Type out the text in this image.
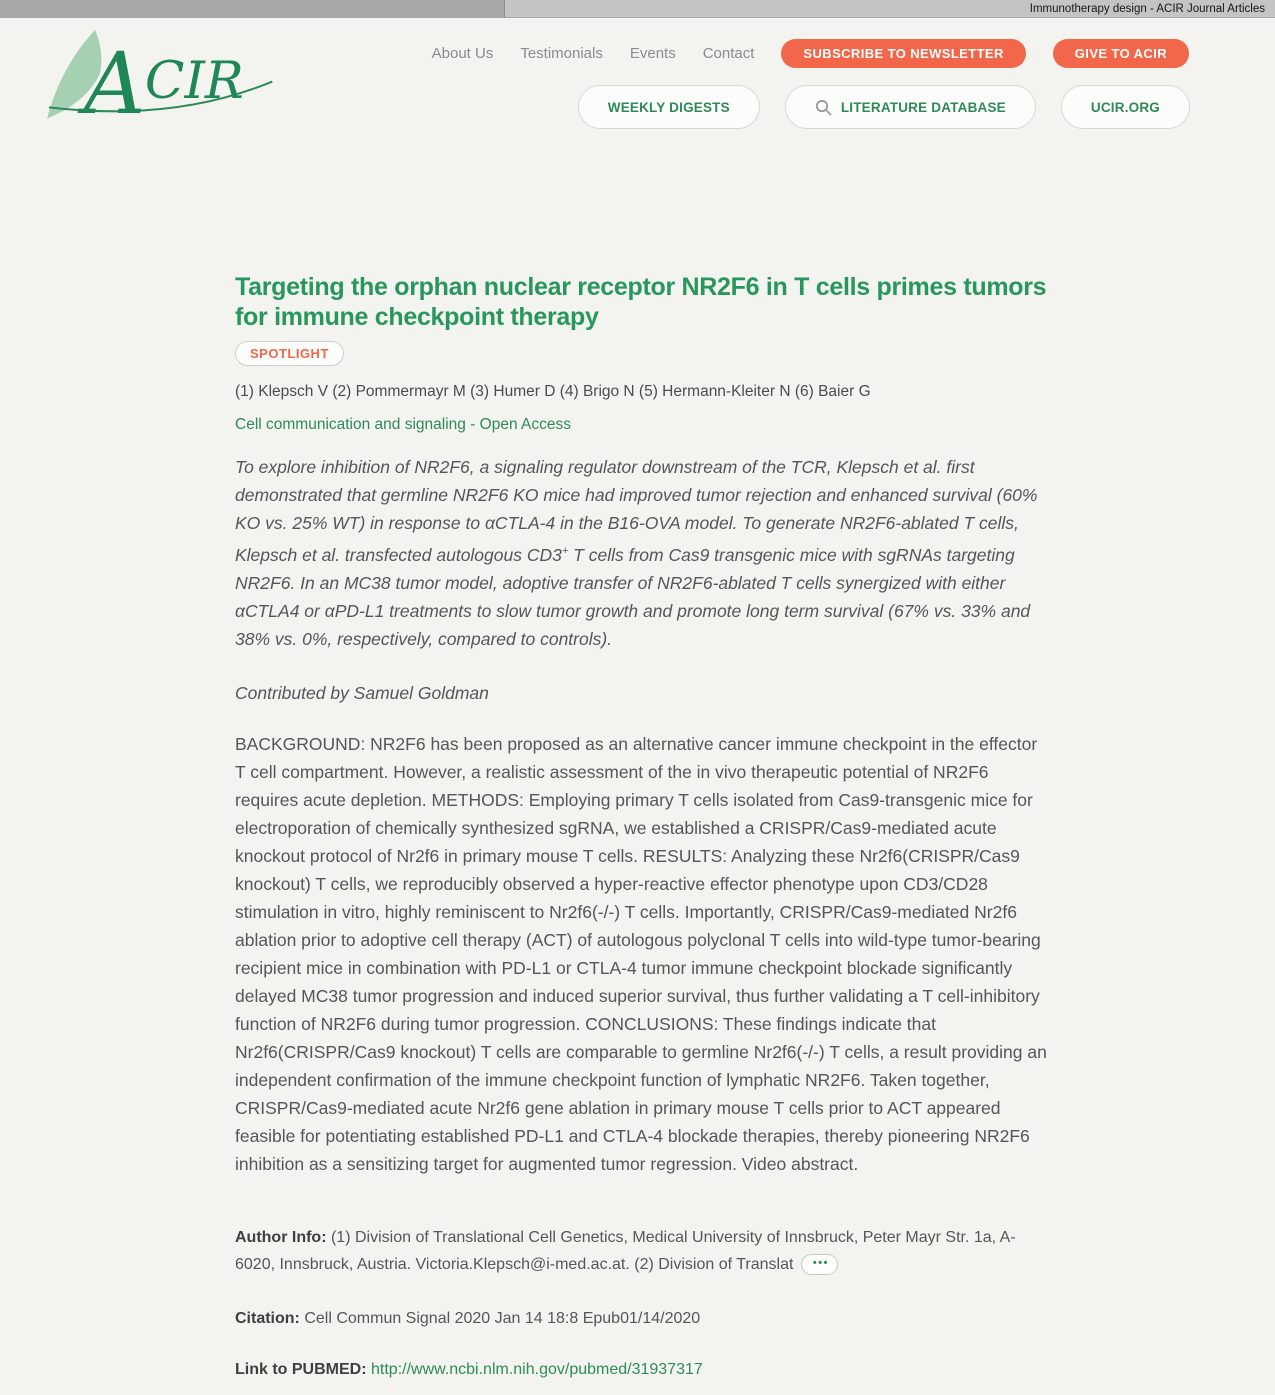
Immunotherapy design - ACIR Journal Articles
A CIR	About Us Testimonials Events Contact	SUBSCRIBE TO NEWSLETTER	GIVE TO ACIR
WEEKLY DIGESTS	LITERATURE DATABASE	UCIR.ORG
Targeting the orphan nuclear receptor NR2F6 in T cells primes tumors for immune checkpoint therapy
SPOTLIGHT
(1) Klepsch V (2) Pommermayr M (3) Humer D (4) Brigo N (5) Hermann-Kleiter N (6) Baier G
Cell communication and signaling - Open Access

To explore inhibition of NR2F6, a signaling regulator downstream of the TCR, Klepsch et al. first demonstrated that germline NR2F6 KO mice had improved tumor rejection and enhanced survival (60% KO vs. 25% WT) in response to αCTLA-4 in the B16-OVA model. To generate NR2F6-ablated T cells, Klepsch et al. transfected autologous CD3+ T cells from Cas9 transgenic mice with sgRNAs targeting NR2F6. In an MC38 tumor model, adoptive transfer of NR2F6-ablated T cells synergized with either αCTLA4 or αPD-L1 treatments to slow tumor growth and promote long term survival (67% vs. 33% and 38% vs. 0%, respectively, compared to controls).

Contributed by Samuel Goldman

BACKGROUND: NR2F6 has been proposed as an alternative cancer immune checkpoint in the effector T cell compartment. However, a realistic assessment of the in vivo therapeutic potential of NR2F6 requires acute depletion. METHODS: Employing primary T cells isolated from Cas9-transgenic mice for electroporation of chemically synthesized sgRNA, we established a CRISPR/Cas9-mediated acute knockout protocol of Nr2f6 in primary mouse T cells. RESULTS: Analyzing these Nr2f6(CRISPR/Cas9 knockout) T cells, we reproducibly observed a hyper-reactive effector phenotype upon CD3/CD28 stimulation in vitro, highly reminiscent to Nr2f6(-/-) T cells. Importantly, CRISPR/Cas9-mediated Nr2f6 ablation prior to adoptive cell therapy (ACT) of autologous polyclonal T cells into wild-type tumor-bearing recipient mice in combination with PD-L1 or CTLA-4 tumor immune checkpoint blockade significantly delayed MC38 tumor progression and induced superior survival, thus further validating a T cell-inhibitory function of NR2F6 during tumor progression. CONCLUSIONS: These findings indicate that Nr2f6(CRISPR/Cas9 knockout) T cells are comparable to germline Nr2f6(-/-) T cells, a result providing an independent confirmation of the immune checkpoint function of lymphatic NR2F6. Taken together, CRISPR/Cas9-mediated acute Nr2f6 gene ablation in primary mouse T cells prior to ACT appeared feasible for potentiating established PD-L1 and CTLA-4 blockade therapies, thereby pioneering NR2F6 inhibition as a sensitizing target for augmented tumor regression. Video abstract.

Author Info: (1) Division of Translational Cell Genetics, Medical University of Innsbruck, Peter Mayr Str. 1a, A-6020, Innsbruck, Austria. Victoria.Klepsch@i-med.ac.at. (2) Division of Translat •••
Citation: Cell Commun Signal 2020 Jan 14 18:8 Epub01/14/2020
Link to PUBMED: http://www.ncbi.nlm.nih.gov/pubmed/31937317
